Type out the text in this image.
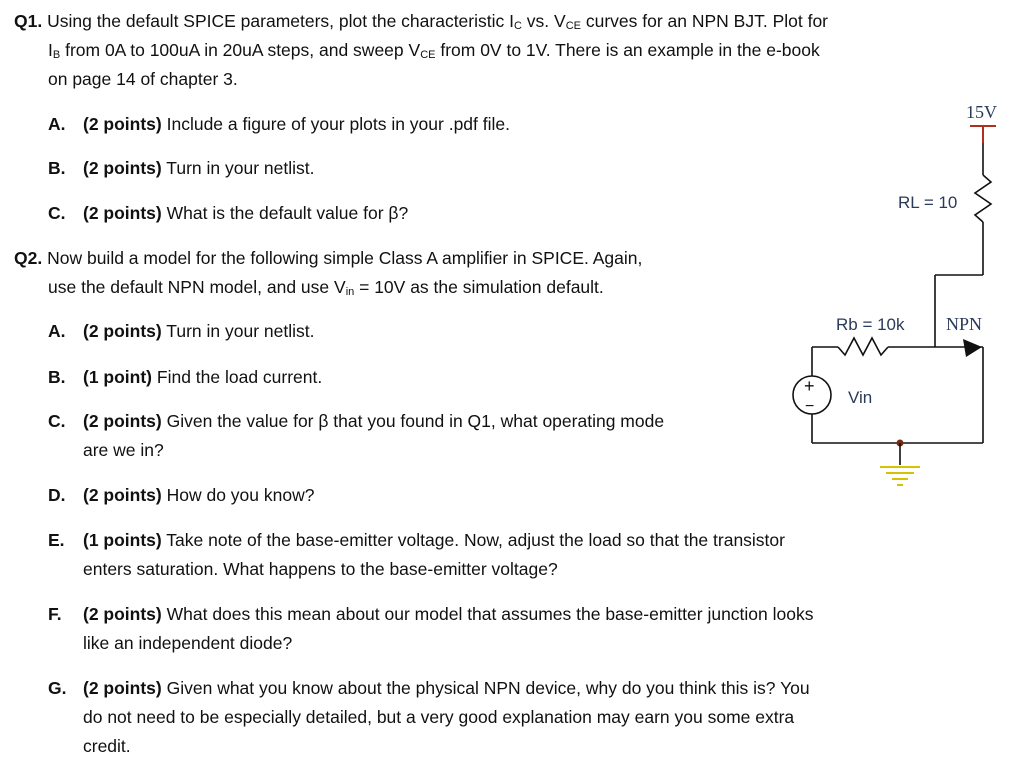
Q1. Using the default SPICE parameters, plot the characteristic $I_C$ vs. $V_{CE}$ curves for an NPN BJT. Plot for
$I_B$ from 0A to 100uA in 20uA steps, and sweep $V_{CE}$ from 0V to 1V. There is an example in the e-book
on page 14 of chapter 3.
A. (2 points) Include a figure of your plots in your .pdf file.
B. (2 points) Turn in your netlist.
C. (2 points) What is the default value for β?
Q2. Now build a model for the following simple Class A amplifier in SPICE. Again,
use the default NPN model, and use $V_{in} = 10V$ as the simulation default.
A. (2 points) Turn in your netlist.
B. (1 point) Find the load current.
C. (2 points) Given the value for β that you found in Q1, what operating mode
are we in?
D. (2 points) How do you know?
E. (1 points) Take note of the base-emitter voltage. Now, adjust the load so that the transistor
enters saturation. What happens to the base-emitter voltage?
F. (2 points) What does this mean about our model that assumes the base-emitter junction looks
like an independent diode?
G. (2 points) Given what you know about the physical NPN device, why do you think this is? You
do not need to be especially detailed, but a very good explanation may earn you some extra
credit.
15V
RL = 10
NPN
Rb = 10k
+
− Vin
